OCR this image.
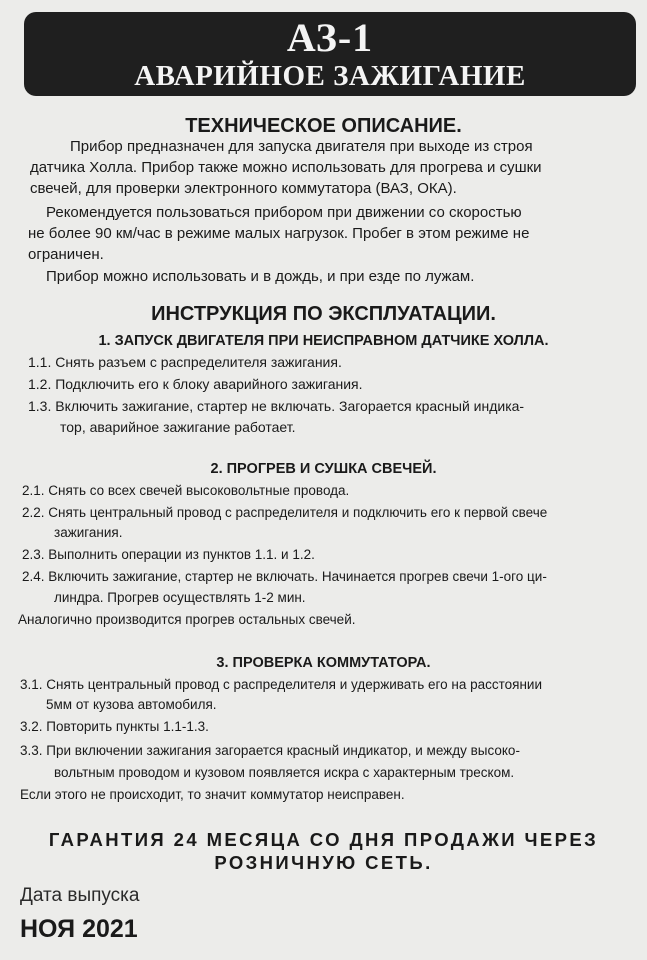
АЗ-1
АВАРИЙНОЕ ЗАЖИГАНИЕ
ТЕХНИЧЕСКОЕ ОПИСАНИЕ.

Прибор предназначен для запуска двигателя при выходе из строя

датчика Холла. Прибор также можно использовать для прогрева и сушки

свечей, для проверки электронного коммутатора (ВАЗ, ОКА).

Рекомендуется пользоваться прибором при движении со скоростью

не более 90 км/час в режиме малых нагрузок. Пробег в этом режиме не

ограничен.

Прибор можно использовать и в дождь, и при езде по лужам.

ИНСТРУКЦИЯ ПО ЭКСПЛУАТАЦИИ.
1. ЗАПУСК ДВИГАТЕЛЯ ПРИ НЕИСПРАВНОМ ДАТЧИКЕ ХОЛЛА.

1.1. Снять разъем с распределителя зажигания.

1.2. Подключить его к блоку аварийного зажигания.

1.3. Включить зажигание, стартер не включать. Загорается красный индика-

тор, аварийное зажигание работает.

2. ПРОГРЕВ И СУШКА СВЕЧЕЙ.

2.1. Снять со всех свечей высоковольтные провода.

2.2. Снять центральный провод с распределителя и подключить его к первой свече

зажигания.

2.3. Выполнить операции из пунктов 1.1. и 1.2.

2.4. Включить зажигание, стартер не включать. Начинается прогрев свечи 1-ого ци-

линдра. Прогрев осуществлять 1-2 мин.

Аналогично производится прогрев остальных свечей.

3. ПРОВЕРКА КОММУТАТОРА.

3.1. Снять центральный провод с распределителя и удерживать его на расстоянии

5мм от кузова автомобиля.

3.2. Повторить пункты 1.1-1.3.

3.3. При включении зажигания загорается красный индикатор, и между высоко-

вольтным проводом и кузовом появляется искра с характерным треском.

Если этого не происходит, то значит коммутатор неисправен.

ГАРАНТИЯ 24 МЕСЯЦА СО ДНЯ ПРОДАЖИ ЧЕРЕЗ
РОЗНИЧНУЮ СЕТЬ.
Дата выпуска
НОЯ 2021
